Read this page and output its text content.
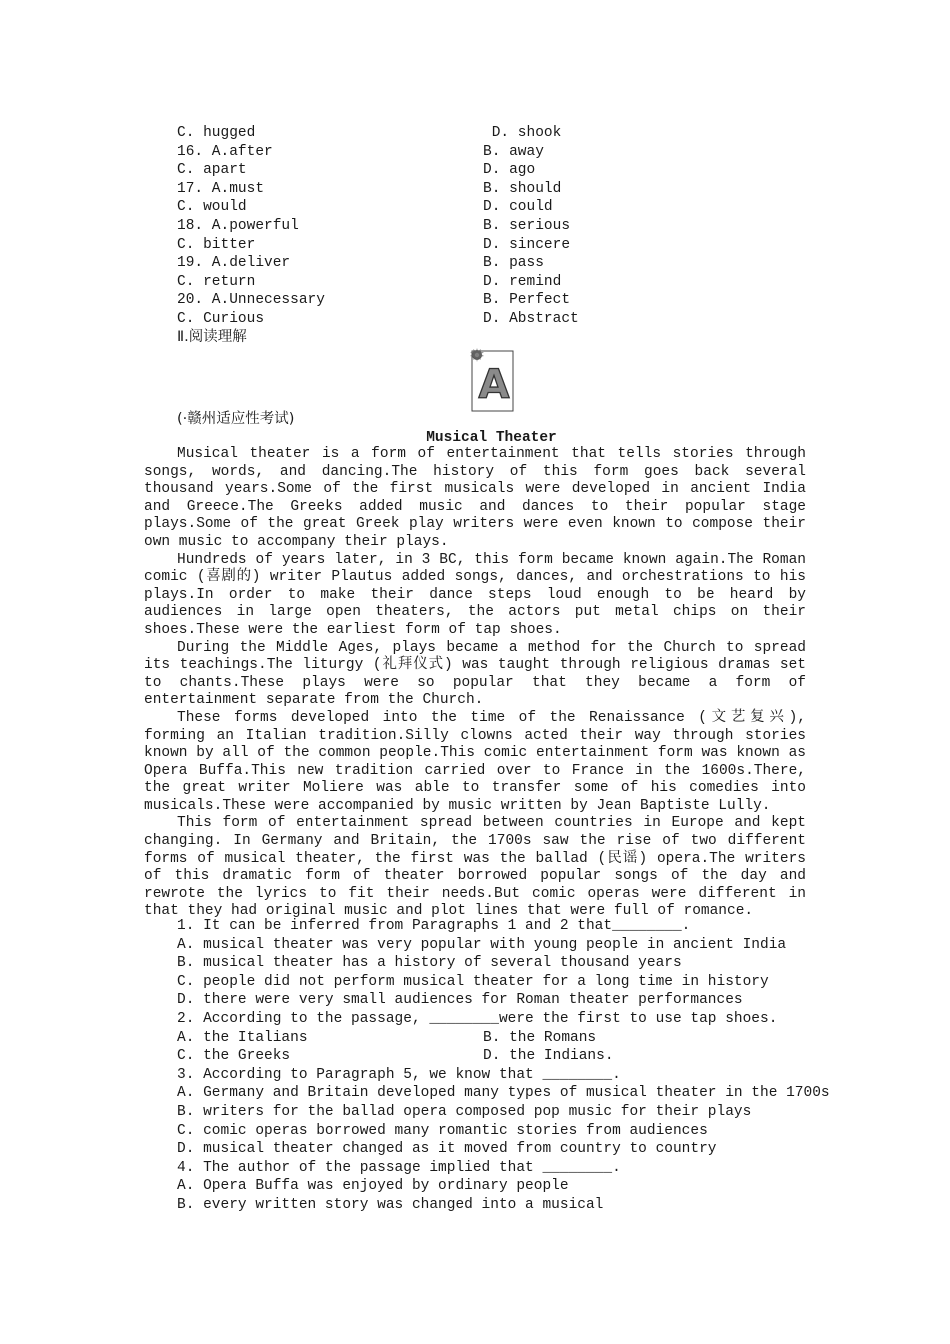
C. hugged	D. shook
16. A.after	B. away
C. apart	D. ago
17. A.must	B. should
C. would	D. could
18. A.powerful	B. serious
C. bitter	D. sincere
19. A.deliver	B. pass
C. return	D. remind
20. A.Unnecessary	B. Perfect
C. Curious	D. Abstract
Ⅱ.阅读理解
A
(·赣州适应性考试)
Musical Theater

Musical theater is a form of entertainment that tells stories through songs, words, and dancing.The history of this form goes back several thousand years.Some of the first musicals were developed in ancient India and Greece.The Greeks added music and dances to their popular stage plays.Some of the great Greek play writers were even known to compose their own music to accompany their plays.

Hundreds of years later, in 3 BC, this form became known again.The Roman comic (喜剧的) writer Plautus added songs, dances, and orchestrations to his plays.In order to make their dance steps loud enough to be heard by audiences in large open theaters, the actors put metal chips on their shoes.These were the earliest form of tap shoes.

During the Middle Ages, plays became a method for the Church to spread its teachings.The liturgy (礼拜仪式) was taught through religious dramas set to chants.These plays were so popular that they became a form of entertainment separate from the Church.

These forms developed into the time of the Renaissance (文艺复兴), forming an Italian tradition.Silly clowns acted their way through stories known by all of the common people.This comic entertainment form was known as Opera Buffa.This new tradition carried over to France in the 1600s.There, the great writer Moliere was able to transfer some of his comedies into musicals.These were accompanied by music written by Jean Baptiste Lully.

This form of entertainment spread between countries in Europe and kept changing. In Germany and Britain, the 1700s saw the rise of two different forms of musical theater, the first was the ballad (民谣) opera.The writers of this dramatic form of theater borrowed popular songs of the day and rewrote the lyrics to fit their needs.But comic operas were different in that they had original music and plot lines that were full of romance.

1. It can be inferred from Paragraphs 1 and 2 that________.
A. musical theater was very popular with young people in ancient India
B. musical theater has a history of several thousand years
C. people did not perform musical theater for a long time in history
D. there were very small audiences for Roman theater performances
2. According to the passage, ________were the first to use tap shoes.
A. the Italians	B. the Romans
C. the Greeks	D. the Indians.
3. According to Paragraph 5, we know that ________.
A. Germany and Britain developed many types of musical theater in the 1700s
B. writers for the ballad opera composed pop music for their plays
C. comic operas borrowed many romantic stories from audiences
D. musical theater changed as it moved from country to country
4. The author of the passage implied that ________.
A. Opera Buffa was enjoyed by ordinary people
B. every written story was changed into a musical
